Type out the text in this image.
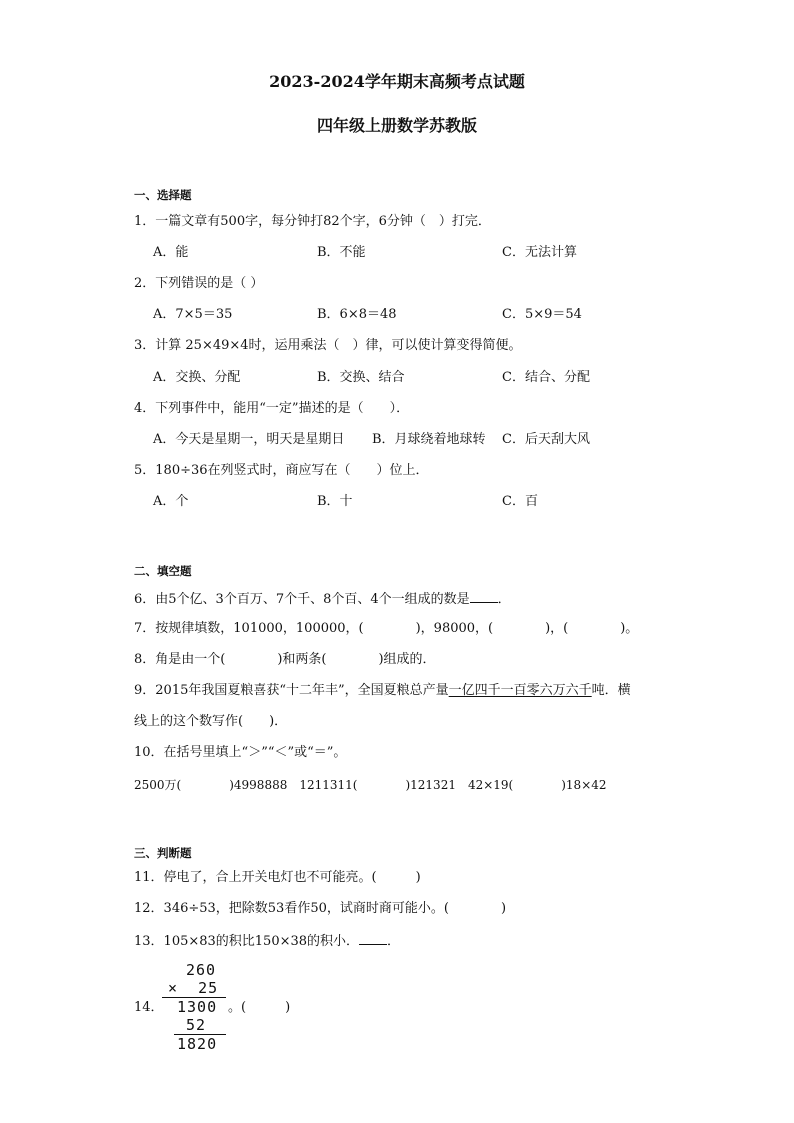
2023-2024学年期末高频考点试题
四年级上册数学苏教版
一、选择题
1．一篇文章有500字，每分钟打82个字，6分钟（　）打完．
A．能	B．不能	C．无法计算
2．下列错误的是（ ）
A．7×5＝35	B．6×8＝48	C．5×9＝54
3．计算 25×49×4时，运用乘法（　）律，可以使计算变得简便。
A．交换、分配	B．交换、结合	C．结合、分配
4．下列事件中，能用“一定”描述的是（　　）．
A．今天是星期一，明天是星期日 B．月球绕着地球转 C．后天刮大风
5．180÷36在列竖式时，商应写在（　　）位上．
A．个	B．十	C．百
二、填空题
6．由5个亿、3个百万、7个千、8个百、4个一组成的数是 ．
7．按规律填数，101000，100000，(　　　　)，98000，(　　　　)，(　　　　)。
8．角是由一个(　　　　)和两条(　　　　)组成的．
9．2015年我国夏粮喜获“十二年丰”，全国夏粮总产量一亿四千一百零六万六千吨．横
线上的这个数写作(　　)．
10．在括号里填上“＞”“＜”或“＝”。
2500万(　　　　)4998888　1211311(　　　　)121321　42×19(　　　　)18×42
三、判断题
11．停电了，合上开关电灯也不可能亮。(　　　)
12．346÷53，把除数53看作50，试商时商可能小。(　　　　)
13．105×83的积比150×38的积小． ．
14．
260
×  25
1300
52
1820
。(　　　)
